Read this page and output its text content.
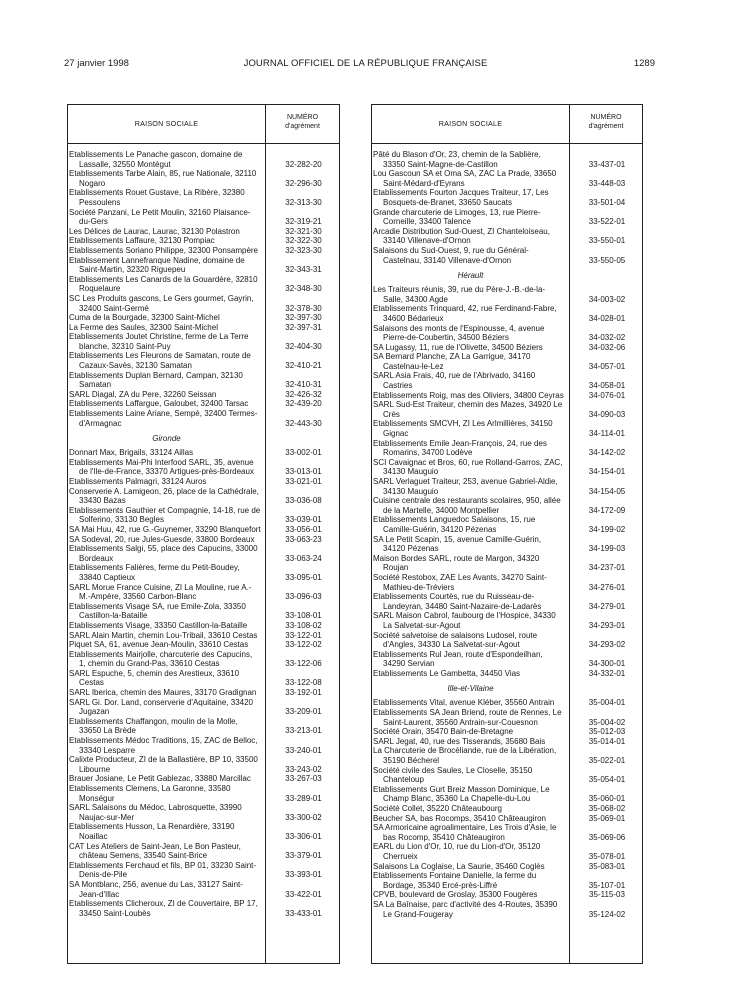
27 janvier 1998	JOURNAL OFFICIEL DE LA RÉPUBLIQUE FRANÇAISE	1289
RAISON SOCIALE
NUMÉRO
d'agrément
Etablissements Le Panache gascon, domaine de Lassalle, 32550 Montégut	32-282-20
Etablissements Tarbe Alain, 85, rue Nationale, 32110 Nogaro	32-296-30
Etablissements Rouet Gustave, La Ribère, 32380 Pessoulens	32-313-30
Société Panzani, Le Petit Moulin, 32160 Plaisance-du-Gers	32-319-21
Les Délices de Laurac, Laurac, 32130 Polastron	32-321-30
Etablissements Laffaure, 32130 Pompiac	32-322-30
Etablissements Soriano Philippe, 32300 Ponsampère	32-323-30
Etablissement Lannefranque Nadine, domaine de Saint-Martin, 32320 Riguepeu	32-343-31
Etablissements Les Canards de la Gouardère, 32810 Roquelaure	32-348-30
SC Les Produits gascons, Le Gers gourmet, Gayrin, 32400 Saint-Germé	32-378-30
Cuma de la Bourgade, 32300 Saint-Michel	32-397-30
La Ferme des Saules, 32300 Saint-Michel	32-397-31
Etablissements Joutet Christine, ferme de La Terre blanche, 32310 Saint-Puy	32-404-30
Etablissements Les Fleurons de Samatan, route de Cazaux-Savès, 32130 Samatan	32-410-21
Etablissements Duplan Bernard, Campan, 32130 Samatan	32-410-31
SARL Diagal, ZA du Pere, 32260 Seissan	32-426-32
Etablissements Laffargue, Galoubet, 32400 Tarsac	32-439-20
Etablissements Laine Ariane, Sempé, 32400 Termes-d'Armagnac	32-443-30
Gironde
Donnart Max, Brigails, 33124 Aillas	33-002-01
Etablissements Mai-Phi Interfood SARL, 35, avenue de l'Ile-de-France, 33370 Artigues-près-Bordeaux	33-013-01
Etablissements Palmagri, 33124 Auros	33-021-01
Conserverie A. Lamigeon, 26, place de la Cathédrale, 33430 Bazas	33-036-08
Etablissements Gauthier et Compagnie, 14-18, rue de Solferino, 33130 Begles	33-039-01
SA Mai Huu, 42, rue G.-Guynemer, 33290 Blanquefort	33-056-01
SA Sodeval, 20, rue Jules-Guesde, 33800 Bordeaux	33-063-23
Etablissements Salgi, 55, place des Capucins, 33000 Bordeaux	33-063-24
Etablissements Falières, ferme du Petit-Boudey, 33840 Captieux	33-095-01
SARL Morue France Cuisine, ZI La Moulinе, rue A.-M.-Ampère, 33560 Carbon-Blanc	33-096-03
Etablissements Visage SA, rue Emile-Zola, 33350 Castillon-la-Bataille	33-108-01
Etablissements Visage, 33350 Castillon-la-Bataille	33-108-02
SARL Alain Martin, chemin Lou-Tribail, 33610 Cestas	33-122-01
Piquet SA, 61, avenue Jean-Moulin, 33610 Cestas	33-122-02
Etablissements Mairjolle, charcuterie des Capucins, 1, chemin du Grand-Pas, 33610 Cestas	33-122-06
SARL Espuche, 5, chemin des Arestieux, 33610 Cestas	33-122-08
SARL Iberica, chemin des Maures, 33170 Gradignan	33-192-01
SARL Gi. Dor. Land, conserverie d'Aquitaine, 33420 Jugazan	33-209-01
Etablissements Chaffangon, moulin de la Molle, 33650 La Brède	33-213-01
Etablissements Médoc Traditions, 15, ZAC de Belloc, 33340 Lesparre	33-240-01
Calixte Producteur, ZI de la Ballastière, BP 10, 33500 Libourne	33-243-02
Brauer Josiane, Le Petit Gablezac, 33880 Marcillac	33-267-03
Etablissements Clemens, La Garonne, 33580 Monségur	33-289-01
SARL Salaisons du Médoc, Labrosquette, 33990 Naujac-sur-Mer	33-300-02
Etablissements Husson, La Renardière, 33190 Noaillac	33-306-01
CAT Les Ateliers de Saint-Jean, Le Bon Pasteur, château Semens, 33540 Saint-Brice	33-379-01
Etablissements Ferchaud et fils, BP 01, 33230 Saint-Denis-de-Pile	33-393-01
SA Montblanc, 256, avenue du Las, 33127 Saint-Jean-d'Illac	33-422-01
Etablissements Clicheroux, ZI de Couvertaire, BP 17, 33450 Saint-Loubès	33-433-01
RAISON SOCIALE
NUMÉRO
d'agrément
Pâté du Blason d'Or, 23, chemin de la Sablière, 33350 Saint-Magne-de-Castillon	33-437-01
Lou Gascoun SA et Oma SA, ZAC La Prade, 33650 Saint-Médard-d'Eyrans	33-448-03
Etablissements Fourton Jacques Traiteur, 17, Les Bosquets-de-Branet, 33650 Saucats	33-501-04
Grande charcuterie de Limoges, 13, rue Pierre-Corneille, 33400 Talence	33-522-01
Arcadie Distribution Sud-Ouest, ZI Chanteloiseau, 33140 Villenave-d'Ornon	33-550-01
Salaisons du Sud-Ouest, 9, rue du Général-Castelnau, 33140 Villenave-d'Ornon	33-550-05
Hérault
Les Traiteurs réunis, 39, rue du Père-J.-B.-de-la-Salle, 34300 Agde	34-003-02
Etablissements Trinquard, 42, rue Ferdinand-Fabre, 34600 Bédarieux	34-028-01
Salaisons des monts de l'Espinousse, 4, avenue Pierre-de-Coubertin, 34500 Béziers	34-032-02
SA Lugassy, 11, rue de l'Olivette, 34500 Béziers	34-032-06
SA Bernard Planche, ZA La Garrigue, 34170 Castelnau-le-Lez	34-057-01
SARL Asia Frais, 40, rue de l'Abrivado, 34160 Castries	34-058-01
Etablissements Roig, mas des Oliviers, 34800 Ceyras	34-076-01
SARL Sud-Est Traiteur, chemin des Mazes, 34920 Le Crès	34-090-03
Etablissements SMCVH, ZI Les Arlmillières, 34150 Gignac	34-114-01
Etablissements Emile Jean-François, 24, rue des Romarins, 34700 Lodève	34-142-02
SCI Cavaignac et Bros, 60, rue Rolland-Garros, ZAC, 34130 Mauguio	34-154-01
SARL Verlaguet Traiteur, 253, avenue Gabriel-Aldie, 34130 Mauguio	34-154-05
Cuisine centrale des restaurants scolaires, 950, allée de la Martelle, 34000 Montpellier	34-172-09
Etablissements Languedoc Salaisons, 15, rue Camille-Guérin, 34120 Pézenas	34-199-02
SA Le Petit Scapin, 15, avenue Camille-Guérin, 34120 Pézenas	34-199-03
Maison Bordes SARL, route de Margon, 34320 Roujan	34-237-01
Société Restobox, ZAE Les Avants, 34270 Saint-Mathieu-de-Tréviers	34-276-01
Etablissements Courtès, rue du Ruisseau-de-Landeyran, 34480 Saint-Nazaire-de-Ladarès	34-279-01
SARL Maison Cabrol, faubourg de l'Hospice, 34330 La Salvetat-sur-Agout	34-293-01
Société salvetoise de salaisons Ludosel, route d'Angles, 34330 La Salvetat-sur-Agout	34-293-02
Etablissements Rul Jean, route d'Espondeilhan, 34290 Servian	34-300-01
Etablissements Le Gambetta, 34450 Vias	34-332-01
Ille-et-Vilaine
Etablissements Vital, avenue Kléber, 35560 Antrain	35-004-01
Etablissements SA Jean Briend, route de Rennes, Le Saint-Laurent, 35560 Antrain-sur-Couesnon	35-004-02
Société Orain, 35470 Bain-de-Bretagne	35-012-03
SARL Jegat, 40, rue des Tisserands, 35680 Bais	35-014-01
La Charcuterie de Brocéliande, rue de la Libération, 35190 Bécherel	35-022-01
Société civile des Saules, Le Closelle, 35150 Chanteloup	35-054-01
Etablissements Gurt Breiz Masson Dominique, Le Champ Blanc, 35360 La Chapelle-du-Lou	35-060-01
Société Collet, 35220 Châteaubourg	35-068-02
Beucher SA, bas Rocomps, 35410 Châteaugiron	35-069-01
SA Armoricaine agroalimentaire, Les Trois d'Asie, le bas Rocomp, 35410 Châteaugiron	35-069-06
EARL du Lion d'Or, 10, rue du Lion-d'Or, 35120 Cherrueix	35-078-01
Salaisons La Coglaise, La Saurie, 35460 Coglès	35-083-01
Etablissements Fontaine Danielle, la ferme du Bordage, 35340 Ercé-près-Liffré	35-107-01
CPVB, boulevard de Groslay, 35300 Fougères	35-115-03
SA La Baînaise, parc d'activité des 4-Routes, 35390 Le Grand-Fougeray	35-124-02
